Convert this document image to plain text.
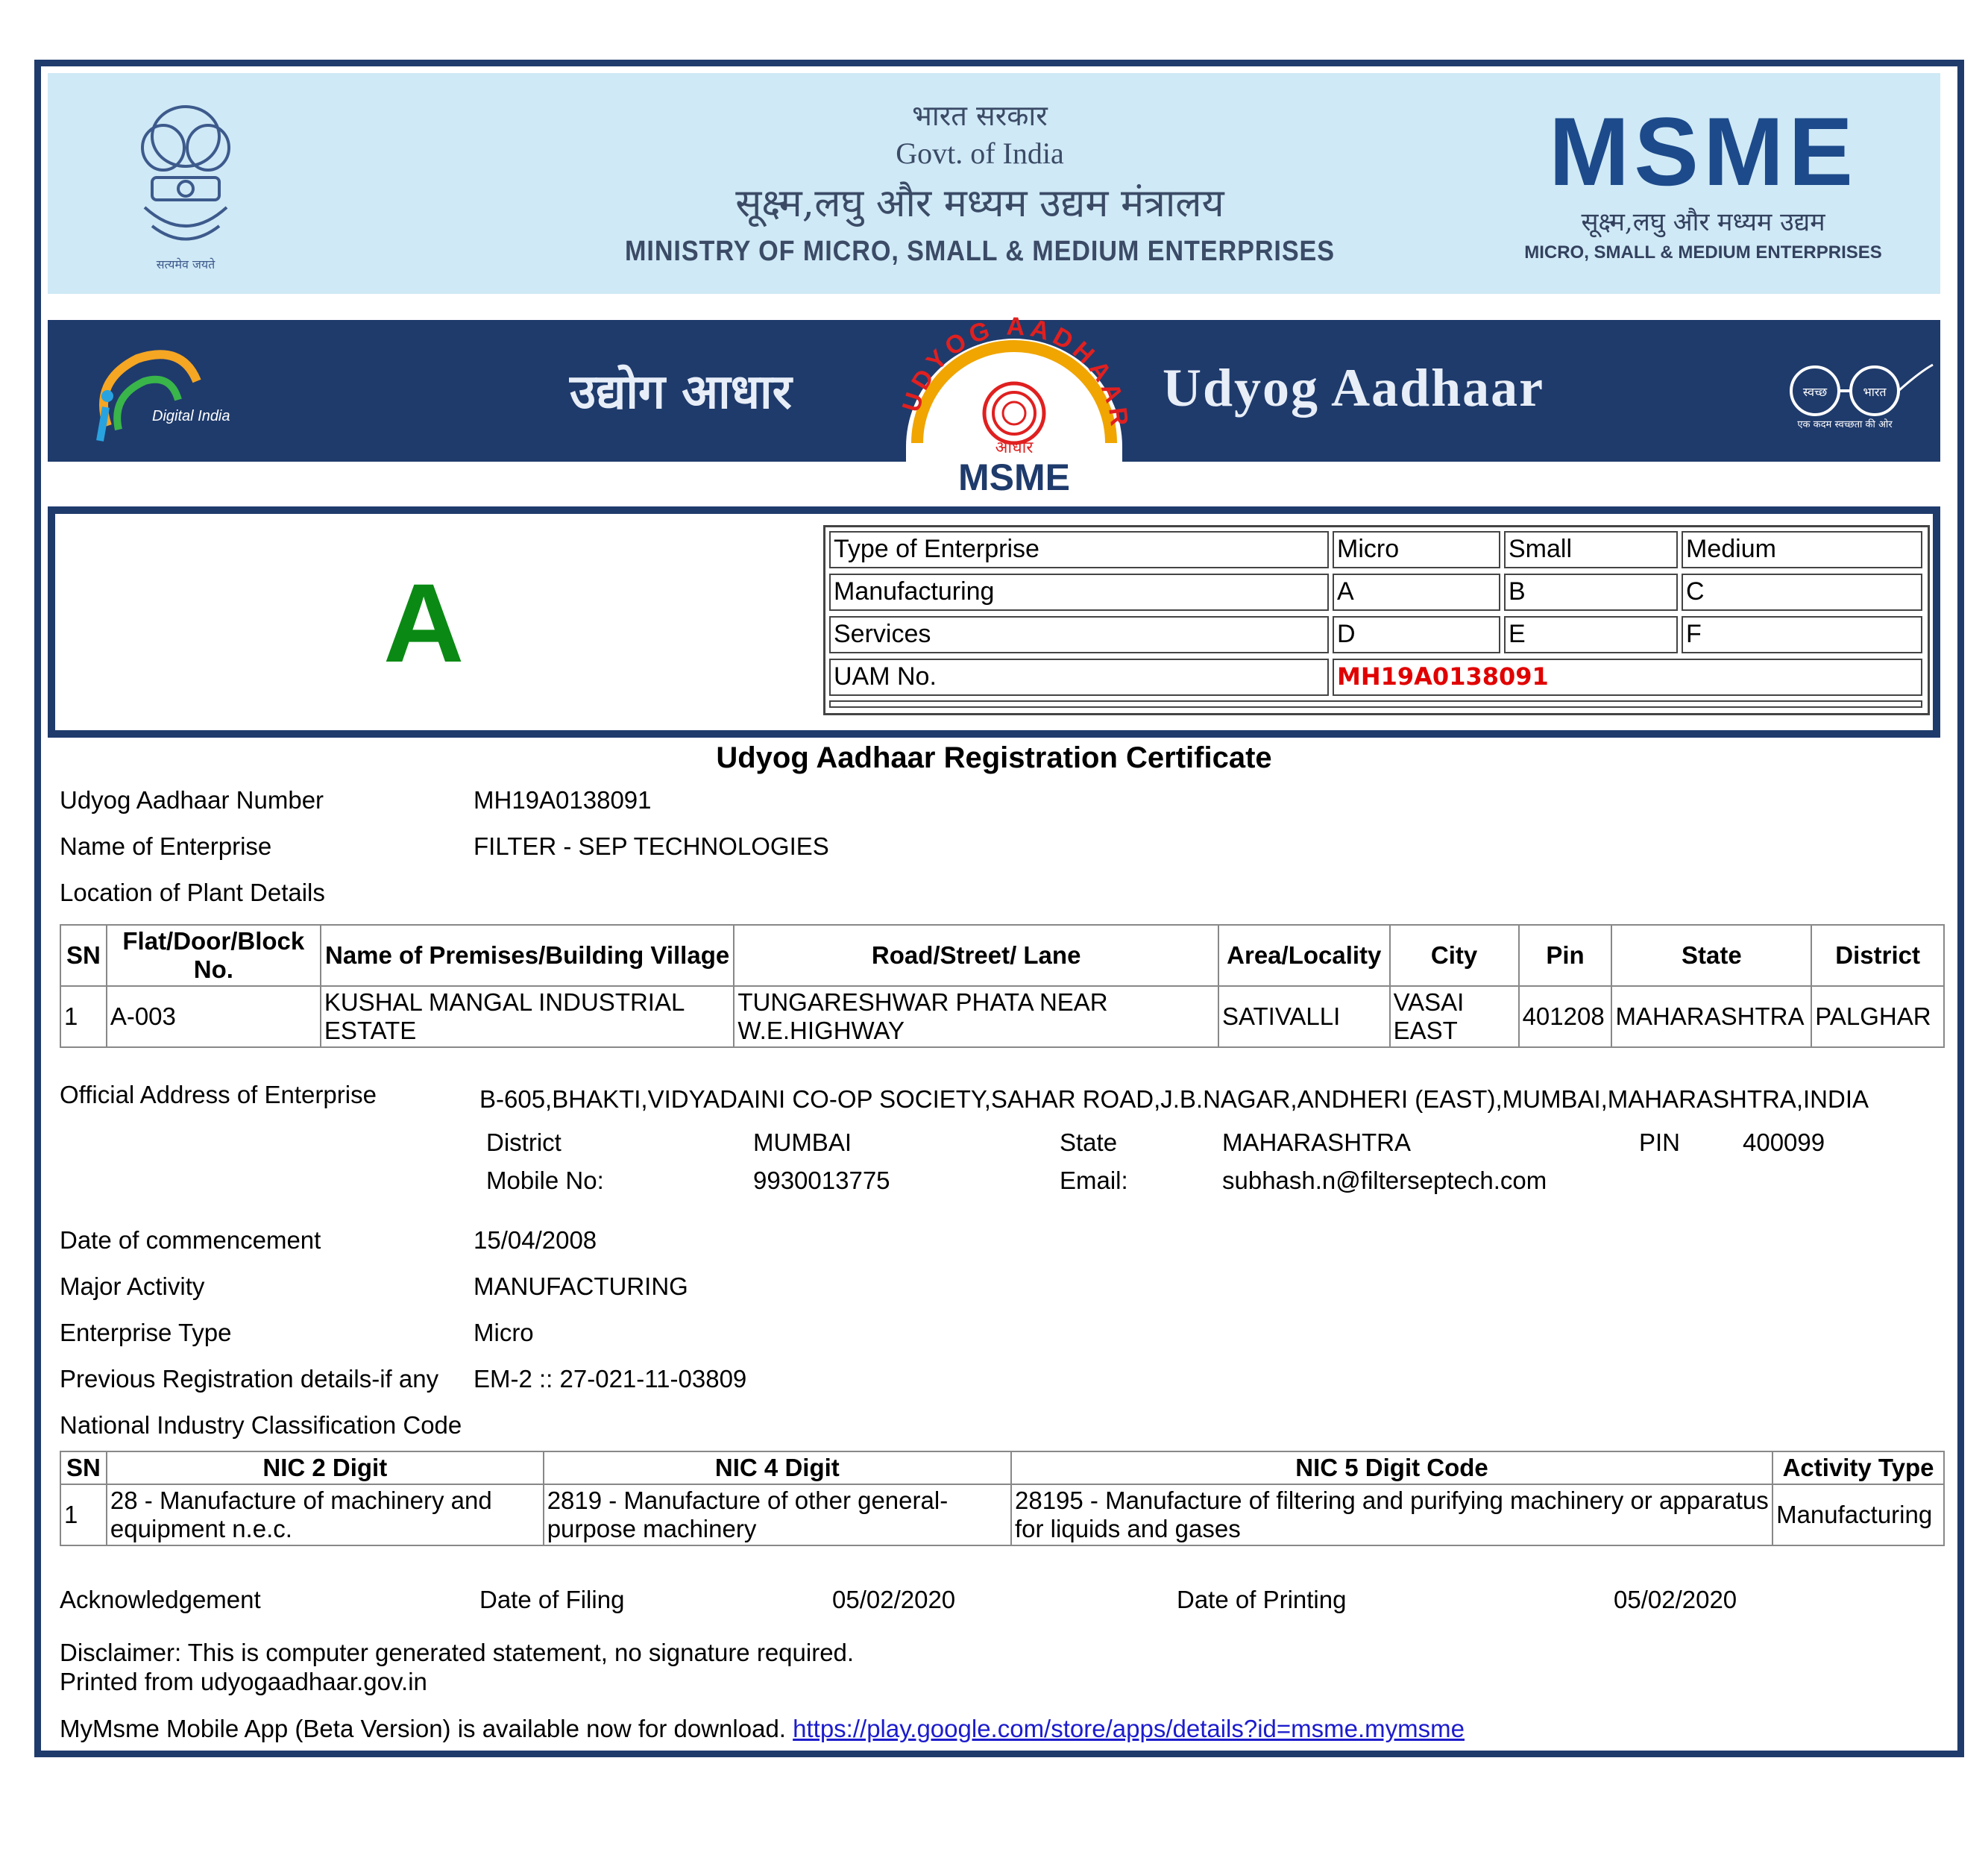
सत्यमेव जयते
भारत सरकार
Govt. of India
सूक्ष्म,लघु और मध्यम उद्यम मंत्रालय
MINISTRY OF MICRO, SMALL & MEDIUM ENTERPRISES
MSME
सूक्ष्म,लघु और मध्यम उद्यम
MICRO, SMALL & MEDIUM ENTERPRISES
Digital India	उद्योग आधार	Udyog Aadhaar	स्वच्छ	भारत
एक कदम स्वच्छता की ओर
UDYOG AADHAAR
आधार
MSME
A
Type of Enterprise	Micro	Small	Medium
Manufacturing	A	B	C
Services	D	E	F
UAM No.	MH19A0138091
Udyog Aadhaar Registration Certificate
Udyog Aadhaar Number	MH19A0138091
Name of Enterprise	FILTER - SEP TECHNOLOGIES
Location of Plant Details
SN	Flat/Door/Block No.	Name of Premises/Building Village	Road/Street/ Lane	Area/Locality	City	Pin	State	District
1	A-003	KUSHAL MANGAL INDUSTRIAL ESTATE	TUNGARESHWAR PHATA NEAR W.E.HIGHWAY	SATIVALLI	VASAI EAST	401208	MAHARASHTRA	PALGHAR
Official Address of Enterprise	B-605,BHAKTI,VIDYADAINI CO-OP SOCIETY,SAHAR ROAD,J.B.NAGAR,ANDHERI (EAST),MUMBAI,MAHARASHTRA,INDIA
District	MUMBAI	State	MAHARASHTRA	PIN	400099
Mobile No:	9930013775	Email:	subhash.n@filterseptech.com
Date of commencement	15/04/2008
Major Activity	MANUFACTURING
Enterprise Type	Micro
Previous Registration details-if any EM-2 :: 27-021-11-03809
National Industry Classification Code
SN	NIC 2 Digit	NIC 4 Digit	NIC 5 Digit Code	Activity Type
1	28 - Manufacture of machinery and equipment n.e.c.	2819 - Manufacture of other general-purpose machinery	28195 - Manufacture of filtering and purifying machinery or apparatus for liquids and gases	Manufacturing
Acknowledgement	Date of Filing	05/02/2020	Date of Printing	05/02/2020
Disclaimer: This is computer generated statement, no signature required.
Printed from udyogaadhaar.gov.in
MyMsme Mobile App (Beta Version) is available now for download. https://play.google.com/store/apps/details?id=msme.mymsme
